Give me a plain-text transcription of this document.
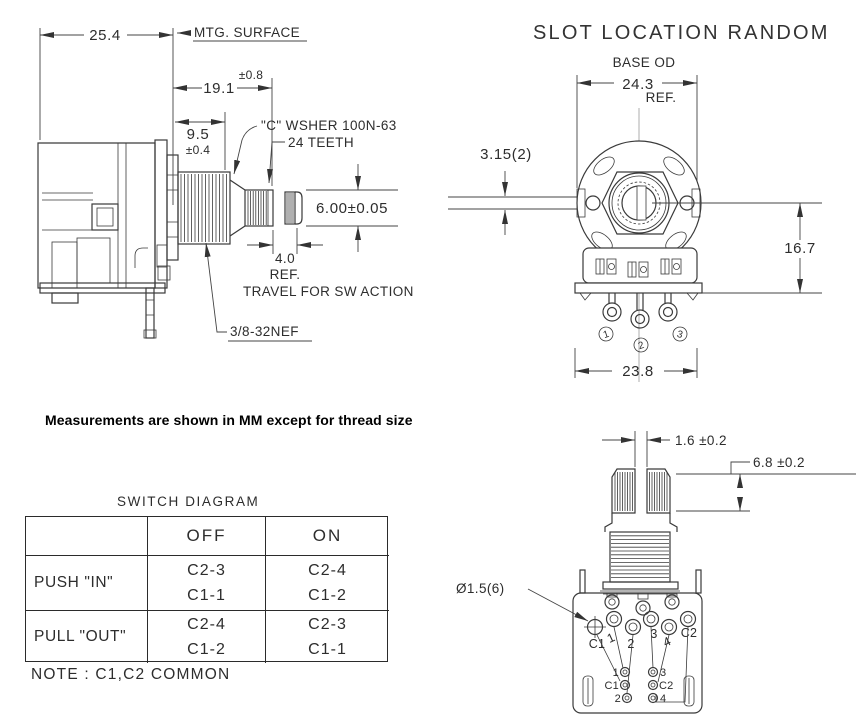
25.4	MTG. SURFACE
19.1
±0.8
9.5
±0.4
"C" WSHER 100N-63
24 TEETH
6.00±0.05
4.0
REF.
TRAVEL FOR SW ACTION
3/8-32NEF
SLOT LOCATION RANDOM
BASE OD
24.3
REF.
3.15(2)
1
2
3
16.7
23.8
Measurements are shown in MM except for thread size
SWITCH DIAGRAM
OFF	ON
PUSH "IN"
C2-3
C1-1
C2-4
C1-2
PULL "OUT"
C2-4
C1-2
C2-3
C1-1
NOTE : C1,C2 COMMON
1.6 ±0.2
6.8 ±0.2
C1 1 2
3
4
C2
1
C1
2
3
C2
4
Ø1.5(6)
